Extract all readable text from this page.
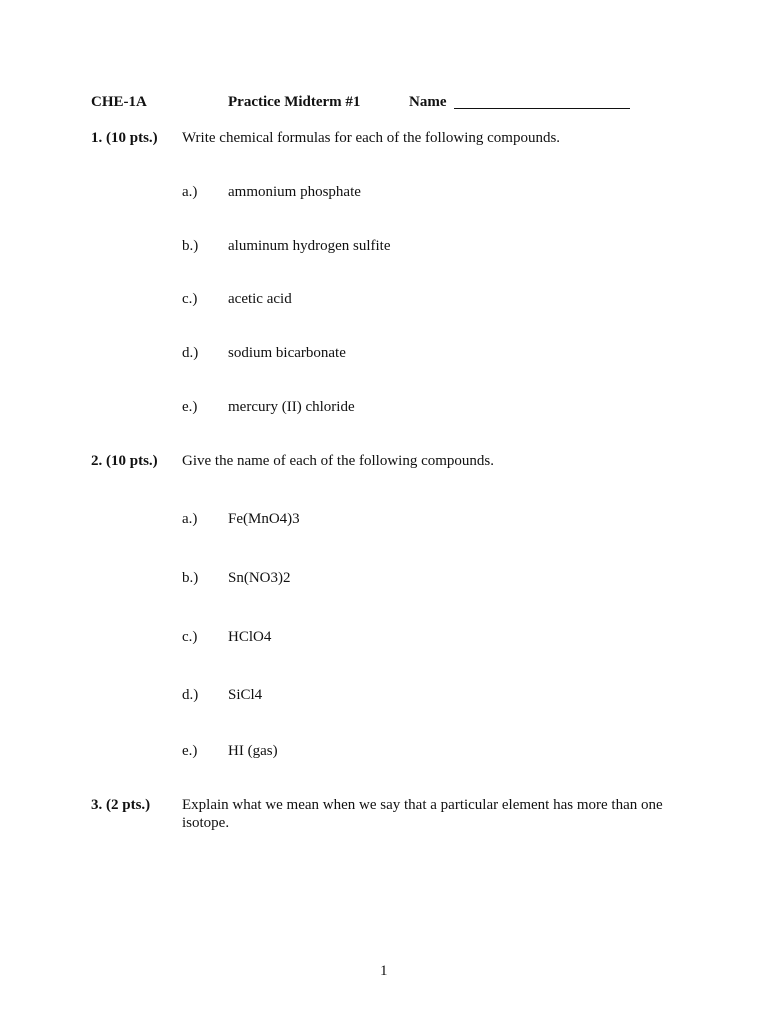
CHE-1A	Practice Midterm #1	Name
1. (10 pts.) Write chemical formulas for each of the following compounds.
a.) ammonium phosphate
b.) aluminum hydrogen sulfite
c.) acetic acid
d.) sodium bicarbonate
e.) mercury (II) chloride
2. (10 pts.) Give the name of each of the following compounds.
a.) Fe(MnO4)3
b.) Sn(NO3)2
c.) HClO4
d.) SiCl4
e.) HI (gas)
3. (2 pts.) Explain what we mean when we say that a particular element has more than one isotope.
1
